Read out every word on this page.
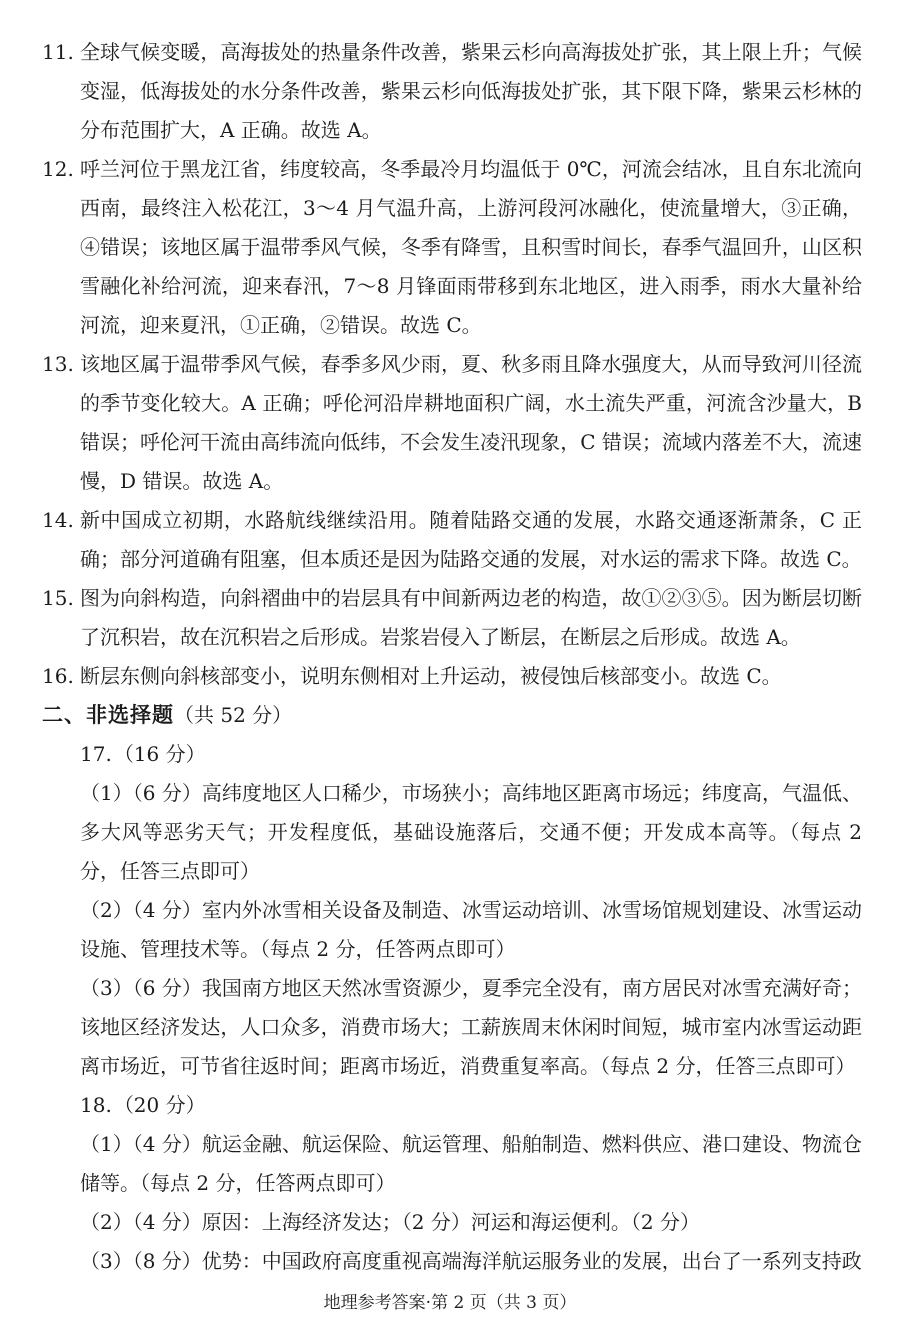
11. 全球气候变暖，高海拔处的热量条件改善，紫果云杉向高海拔处扩张，其上限上升；气候变湿，低海拔处的水分条件改善，紫果云杉向低海拔处扩张，其下限下降，紫果云杉林的分布范围扩大，A 正确。故选 A。

12. 呼兰河位于黑龙江省，纬度较高，冬季最冷月均温低于 0℃，河流会结冰，且自东北流向西南，最终注入松花江，3～4 月气温升高，上游河段河冰融化，使流量增大，③正确，④错误；该地区属于温带季风气候，冬季有降雪，且积雪时间长，春季气温回升，山区积雪融化补给河流，迎来春汛，7～8 月锋面雨带移到东北地区，进入雨季，雨水大量补给河流，迎来夏汛，①正确，②错误。故选 C。

13. 该地区属于温带季风气候，春季多风少雨，夏、秋多雨且降水强度大，从而导致河川径流的季节变化较大。A 正确；呼伦河沿岸耕地面积广阔，水土流失严重，河流含沙量大，B 错误；呼伦河干流由高纬流向低纬，不会发生凌汛现象，C 错误；流域内落差不大，流速慢，D 错误。故选 A。

14. 新中国成立初期，水路航线继续沿用。随着陆路交通的发展，水路交通逐渐萧条，C 正确；部分河道确有阻塞，但本质还是因为陆路交通的发展，对水运的需求下降。故选 C。

15. 图为向斜构造，向斜褶曲中的岩层具有中间新两边老的构造，故①②③⑤。因为断层切断了沉积岩，故在沉积岩之后形成。岩浆岩侵入了断层，在断层之后形成。故选 A。

16. 断层东侧向斜核部变小，说明东侧相对上升运动，被侵蚀后核部变小。故选 C。

二、非选择题（共 52 分）

17. （16 分）

（1）（6 分）高纬度地区人口稀少，市场狭小；高纬地区距离市场远；纬度高，气温低、多大风等恶劣天气；开发程度低，基础设施落后，交通不便；开发成本高等。（每点 2 分，任答三点即可）

（2）（4 分）室内外冰雪相关设备及制造、冰雪运动培训、冰雪场馆规划建设、冰雪运动设施、管理技术等。（每点 2 分，任答两点即可）

（3）（6 分）我国南方地区天然冰雪资源少，夏季完全没有，南方居民对冰雪充满好奇；该地区经济发达，人口众多，消费市场大；工薪族周末休闲时间短，城市室内冰雪运动距离市场近，可节省往返时间；距离市场近，消费重复率高。（每点 2 分，任答三点即可）

18. （20 分）

（1）（4 分）航运金融、航运保险、航运管理、船舶制造、燃料供应、港口建设、物流仓储等。（每点 2 分，任答两点即可）

（2）（4 分）原因：上海经济发达；（2 分）河运和海运便利。（2 分）

（3）（8 分）优势：中国政府高度重视高端海洋航运服务业的发展，出台了一系列支持政

地理参考答案·第 2 页（共 3 页）
